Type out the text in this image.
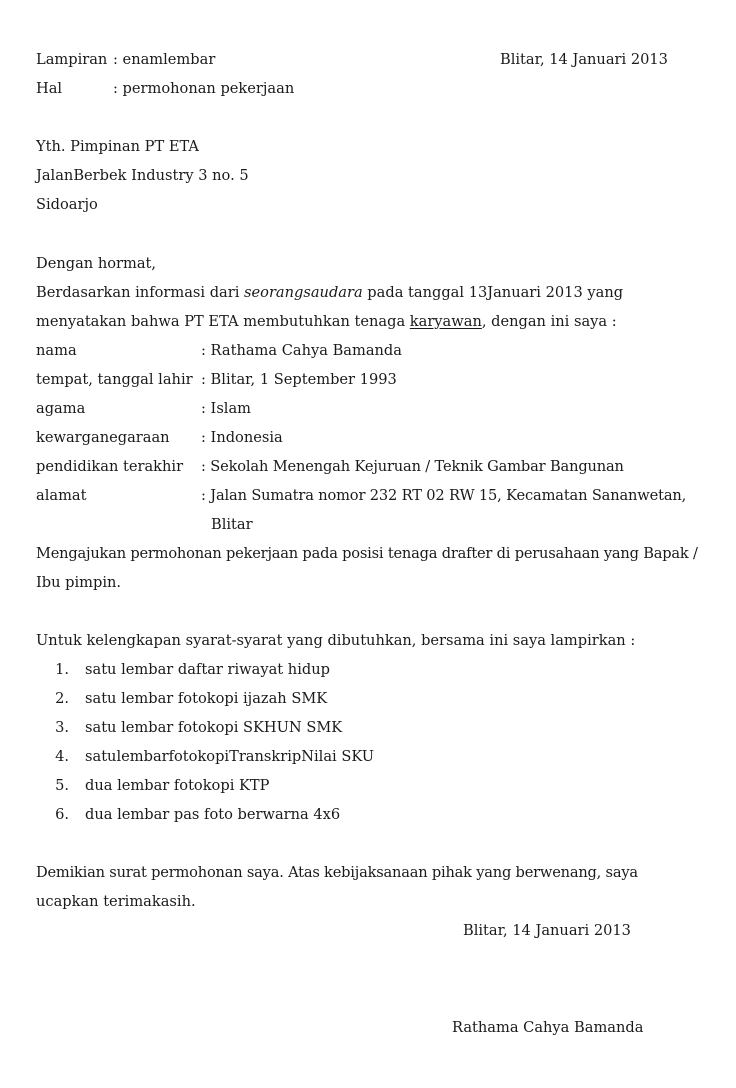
Lampiran : enamlembar	Blitar, 14 Januari 2013
Hal	: permohonan pekerjaan
Yth. Pimpinan PT ETA
JalanBerbek Industry 3 no. 5
Sidoarjo
Dengan hormat,
Berdasarkan informasi dari seorangsaudara pada tanggal 13Januari 2013 yang
menyatakan bahwa PT ETA membutuhkan tenaga karyawan, dengan ini saya :
nama	: Rathama Cahya Bamanda
tempat, tanggal lahir : Blitar, 1 September 1993
agama	: Islam
kewarganegaraan : Indonesia
pendidikan terakhir : Sekolah Menengah Kejuruan / Teknik Gambar Bangunan
alamat	: Jalan Sumatra nomor 232 RT 02 RW 15, Kecamatan Sananwetan,
Blitar
Mengajukan permohonan pekerjaan pada posisi tenaga drafter di perusahaan yang Bapak /
Ibu pimpin.
Untuk kelengkapan syarat-syarat yang dibutuhkan, bersama ini saya lampirkan :
1. satu lembar daftar riwayat hidup
2. satu lembar fotokopi ijazah SMK
3. satu lembar fotokopi SKHUN SMK
4. satulembarfotokopiTranskripNilai SKU
5. dua lembar fotokopi KTP
6. dua lembar pas foto berwarna 4x6
Demikian surat permohonan saya. Atas kebijaksanaan pihak yang berwenang, saya
ucapkan terimakasih.
Blitar, 14 Januari 2013
Rathama Cahya Bamanda
